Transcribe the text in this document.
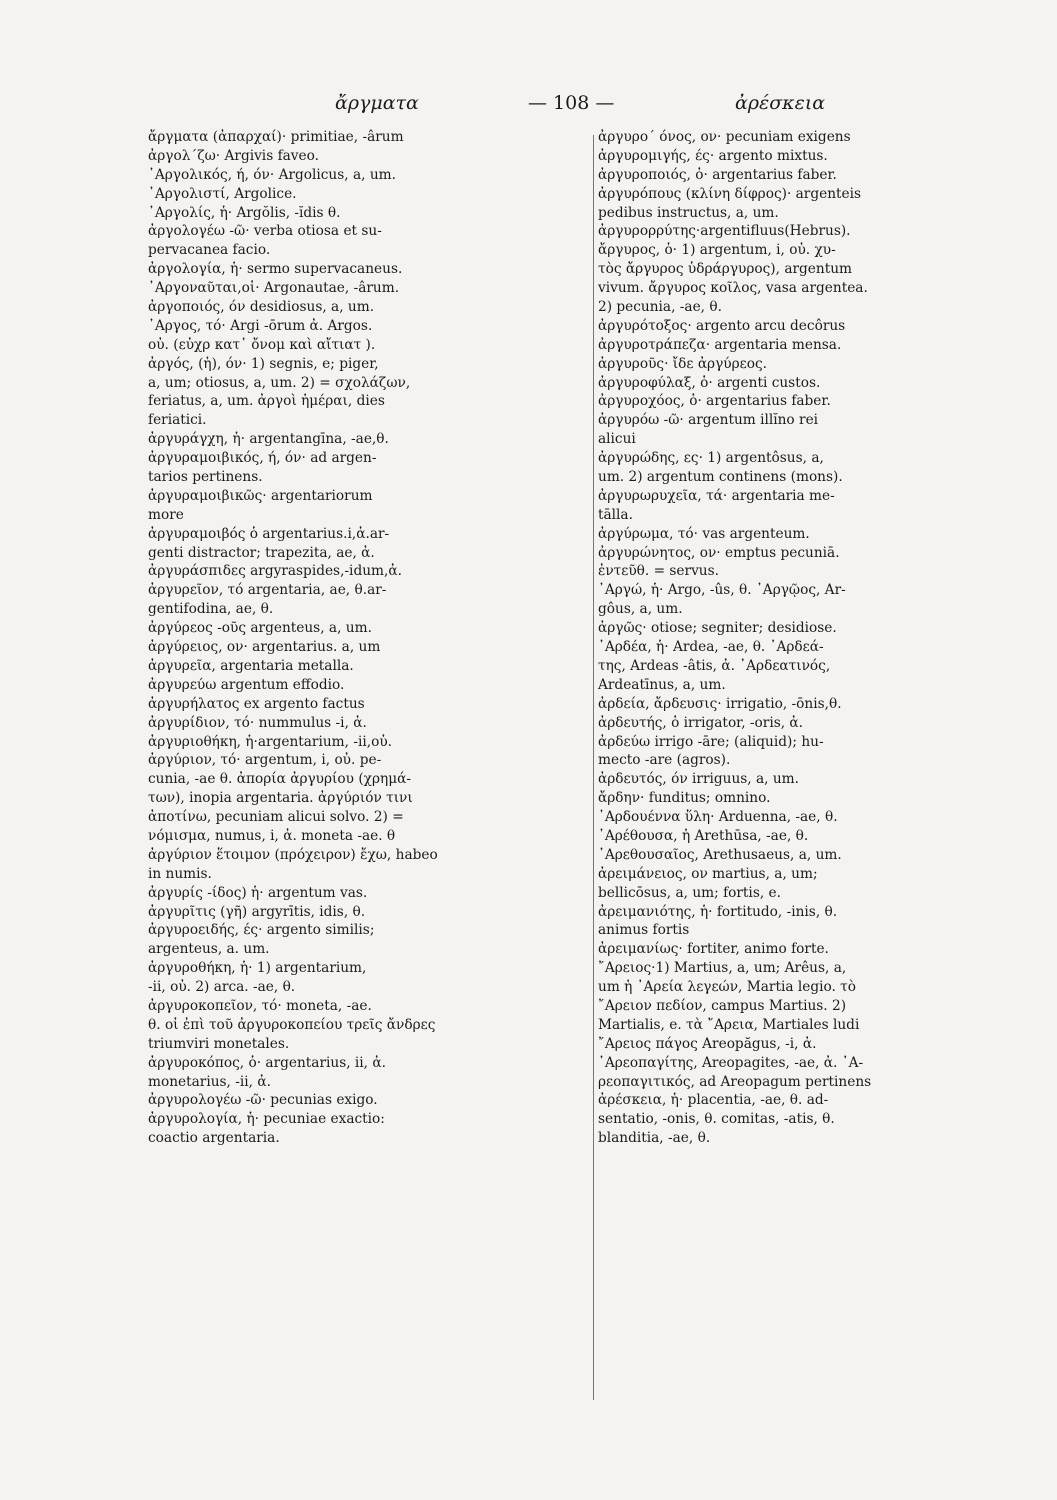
ἄργματα	— 108 —	ἀρέσκεια
ἄργματα (ἀπαρχαί)· primitiae, -ârum
ἀργολ΄ζω· Argivis faveo.
᾿Αργολικός, ή, όν· Argolicus, a, um.
᾿Αργολιστί, Argolice.
᾿Αργολίς, ἡ· Argŏlis, -ĭdis θ.
ἀργολογέω -ῶ· verba otiosa et su-
pervacanea facio.
ἀργολογία, ἡ· sermo supervacaneus.
᾿Αργοναῦται,οἱ· Argonautae, -ârum.
ἀργοποιός, όν desidiosus, a, um.
᾿Αργος, τό· Argi -ōrum ἀ. Argos.
οὐ. (εὐχρ κατ᾽ ὄνομ καὶ αἴτιατ ).
ἀργός, (ἡ), όν· 1) segnis, e; piger,
a, um; otiosus, a, um. 2) = σχολάζων,
feriatus, a, um. ἀργοὶ ἡμέραι, dies
feriatici.
ἀργυράγχη, ἡ· argentangīna, -ae,θ.
ἀργυραμοιβικός, ή, όν· ad argen-
tarios pertinens.
ἀργυραμοιβικῶς· argentariorum
more
ἀργυραμοιβός ὁ argentarius.i,ἀ.ar-
genti distractor; trapezita, ae, ἀ.
ἀργυράσπιδες argyraspides,-idum,ἀ.
ἀργυρεῖον, τό argentaria, ae, θ.ar-
gentifodina, ae, θ.
ἀργύρεος -οῦς argenteus, a, um.
ἀργύρειος, ον· argentarius. a, um
ἀργυρεῖα, argentaria metalla.
ἀργυρεύω argentum effodio.
ἀργυρήλατος ex argento factus
ἀργυρίδιον, τό· nummulus -i, ἀ.
ἀργυριοθήκη, ἡ·argentarium, -ii,οὐ.
ἀργύριον, τό· argentum, i, οὐ. pe-
cunia, -ae θ. ἀπορία ἀργυρίου (χρημά-
των), inopia argentaria. ἀργύριόν τινι
ἀποτίνω, pecuniam alicui solvo. 2) =
νόμισμα, numus, i, ἀ. moneta -ae. θ
ἀργύριον ἕτοιμον (πρόχειρον) ἔχω, habeo
in numis.
ἀργυρίς -ίδος) ἡ· argentum vas.
ἀργυρῖτις (γῆ) argyrītis, idis, θ.
ἀργυροειδής, ές· argento similis;
argenteus, a. um.
ἀργυροθήκη, ἡ· 1) argentarium,
-ii, οὐ. 2) arca. -ae, θ.
ἀργυροκοπεῖον, τό· moneta, -ae.
θ. οἱ ἐπὶ τοῦ ἀργυροκοπείου τρεῖς ἄνδρες
triumviri monetales.
ἀργυροκόπος, ὁ· argentarius, ii, ἀ.
monetarius, -ii, ἀ.
ἀργυρολογέω -ῶ· pecunias exigo.
ἀργυρολογία, ἡ· pecuniae exactio:
coactio argentaria.
ἀργυρο΄ όνος, ον· pecuniam exigens
ἀργυρομιγής, ές· argento mixtus.
ἀργυροποιός, ὁ· argentarius faber.
ἀργυρόπους (κλίνη δίφρος)· argenteis
pedibus instructus, a, um.
ἀργυρορρύτης·argentifluus(Hebrus).
ἄργυρος, ὁ· 1) argentum, i, οὐ. χυ-
τὸς ἄργυρος ὑδράργυρος), argentum
vivum. ἄργυρος κοῖλος, vasa argentea.
2) pecunia, -ae, θ.
ἀργυρότοξος· argento arcu decôrus
ἀργυροτράπεζα· argentaria mensa.
ἀργυροῦς· ἴδε ἀργύρεος.
ἀργυροφύλαξ, ὁ· argenti custos.
ἀργυροχόος, ὁ· argentarius faber.
ἀργυρόω -ῶ· argentum illĭno rei
alicui
ἀργυρώδης, ες· 1) argentôsus, a,
um. 2) argentum continens (mons).
ἀργυρωρυχεῖα, τά· argentaria me-
tālla.
ἀργύρωμα, τό· vas argenteum.
ἀργυρώνητος, ον· emptus pecuniā.
ἐντεῦθ. = servus.
᾿Αργώ, ἡ· Argo, -ûs, θ. ᾿Αργῷος, Ar-
gôus, a, um.
ἀργῶς· otiose; segniter; desidiose.
᾿Αρδέα, ἡ· Ardea, -ae, θ. ᾿Αρδεά-
της, Ardeas -âtis, ἀ. ᾿Αρδεατινός,
Ardeatīnus, a, um.
ἀρδεία, ἄρδευσις· irrigatio, -ōnis,θ.
ἀρδευτής, ὁ irrigator, -oris, ἀ.
ἀρδεύω irrigo -āre; (aliquid); hu-
mecto -are (agros).
ἀρδευτός, όν irriguus, a, um.
ἄρδην· funditus; omnino.
᾿Αρδουέννα ὕλη· Arduenna, -ae, θ.
᾿Αρέθουσα, ἡ Arethūsa, -ae, θ.
᾿Αρεθουσαῖος, Arethusaeus, a, um.
ἀρειμάνειος, ον martius, a, um;
bellicōsus, a, um; fortis, e.
ἀρειμανιότης, ἡ· fortitudo, -inis, θ.
animus fortis
ἀρειμανίως· fortiter, animo forte.
῎Αρειος·1) Martius, a, um; Arêus, a,
um ἡ ᾿Αρεία λεγεών, Martia legio. τὸ
῎Αρειον πεδίον, campus Martius. 2)
Martialis, e. τὰ ῎Αρεια, Martiales ludi
῎Αρειος πάγος Areopăgus, -i, ἀ.
᾿Αρεοπαγίτης, Areopagites, -ae, ἀ. ᾿Α-
ρεοπαγιτικός, ad Areopagum pertinens
ἀρέσκεια, ἡ· placentia, -ae, θ. ad-
sentatio, -onis, θ. comitas, -atis, θ.
blanditia, -ae, θ.
